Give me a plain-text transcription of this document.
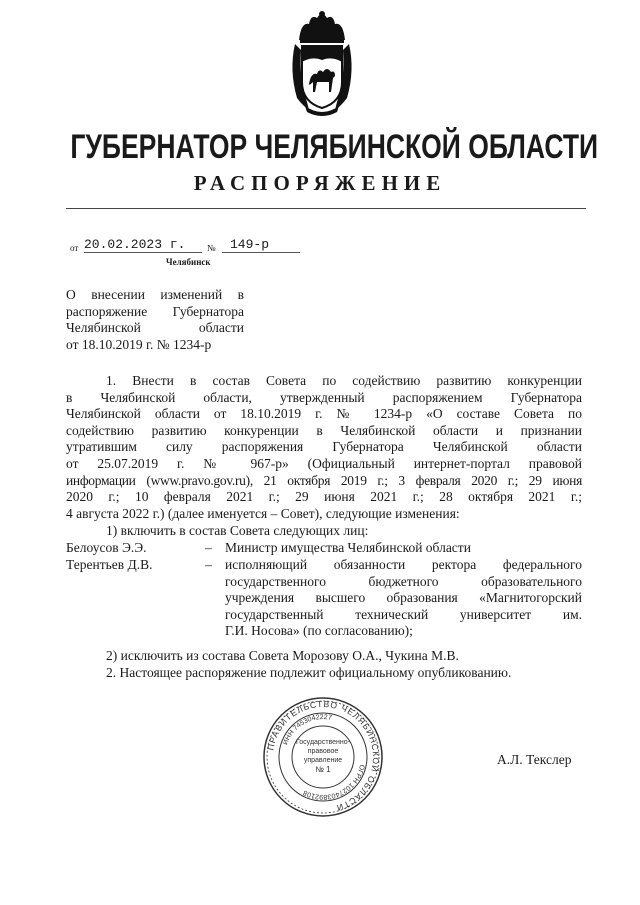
ГУБЕРНАТОР ЧЕЛЯБИНСКОЙ ОБЛАСТИ
РАСПОРЯЖЕНИЕ
от 20.02.2023 г.	№	149-р
Челябинск
О внесении изменений в
распоряжение Губернатора
Челябинской области
от 18.10.2019 г. № 1234-р
1. Внести в состав Совета по содействию развитию конкуренции
в Челябинской области, утвержденный распоряжением Губернатора
Челябинской области от 18.10.2019 г. № 1234-р «О составе Совета по
содействию развитию конкуренции в Челябинской области и признании
утратившим силу распоряжения Губернатора Челябинской области
от 25.07.2019 г. № 967-р» (Официальный интернет-портал правовой
информации (www.pravo.gov.ru), 21 октября 2019 г.; 3 февраля 2020 г.; 29 июня
2020 г.; 10 февраля 2021 г.; 29 июня 2021 г.; 28 октября 2021 г.;
4 августа 2022 г.) (далее именуется – Совет), следующие изменения:
1) включить в состав Совета следующих лиц:
Белоусов Э.Э.	– Министр имущества Челябинской области
Терентьев Д.В.	– исполняющий обязанности ректора федерального
государственного бюджетного образовательного
учреждения высшего образования «Магнитогорский
государственный технический университет им.
Г.И. Носова» (по согласованию);
2) исключить из состава Совета Морозову О.А., Чукина М.В.
2. Настоящее распоряжение подлежит официальному опубликованию.
ПРАВИТЕЛЬСТВО ЧЕЛЯБИНСКОЙ ОБЛАСТИ
ОГРН 1027403892108
ИНН 7453042227
Государственно-
правовое
управление
№ 1
А.Л. Текслер
